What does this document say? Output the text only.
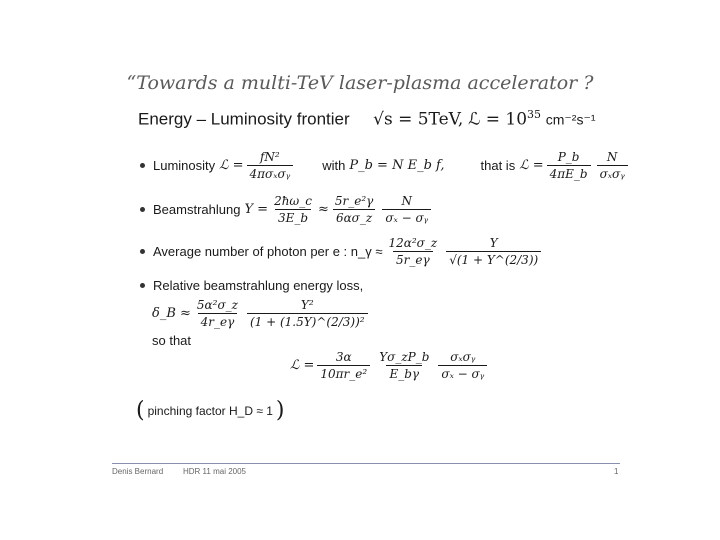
“Towards a multi-TeV laser-plasma accelerator ?
Energy – Luminosity frontier √s = 5TeV, ℒ = $10^{35}$ cm⁻²s⁻¹
Luminosity ℒ = $\frac{\text{fN²}}{\text{4πσₓσᵧ}}$ with P_b = N E_b f,	that is ℒ = $\frac{P\_b}{4\pi E\_b} \frac{N}{\text{σₓσᵧ}}$
Beamstrahlung $\Upsilon = \frac{2ħ\omega\_c}{3E\_b} \approx \frac{\text{5r\_e²γ}}{6\alpha\sigma\_z} \frac{N}{\text{σₓ − σᵧ}}$
Average number of photon per e : n_γ ≈ $\frac{\text{12α²σ\_z}}{5r\_e\gamma} \frac{\Upsilon}{√(1 + \Upsilon\^{}(2/3))}$
Relative beamstrahlung energy loss,
δ_B ≈ $\frac{\text{5α²σ\_z}}{4r\_e\gamma} \frac{\text{Υ²}}{\text{(1 + (1.5Υ)\textasciicircum{}(2/3))²}}$
so that
ℒ = $\frac{3\alpha}{\text{10πr\_e²}} \frac{\Upsilon\sigma\_zP\_b}{E\_b\gamma} \frac{\text{σₓσᵧ}}{\text{σₓ − σᵧ}}$
( pinching factor H_D ≈ 1 )
Denis Bernard HDR 11 mai 2005	1
